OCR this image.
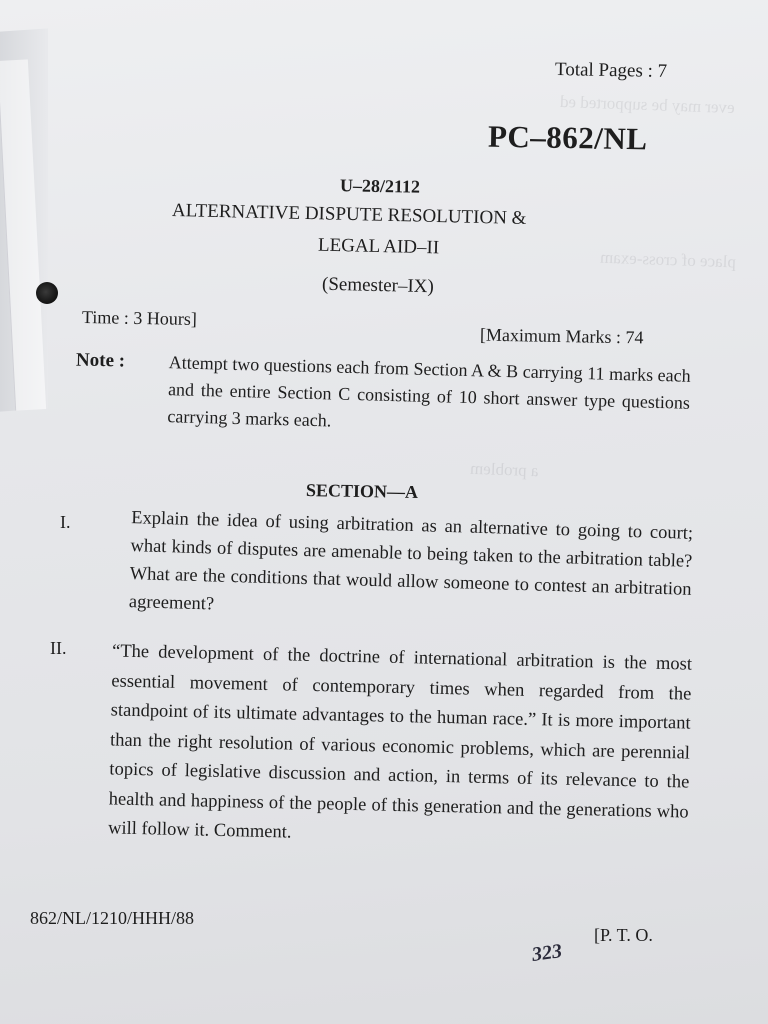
ever may be supported ed
place of cross-exam
a problem
Total Pages : 7
PC–862/NL
U–28/2112
ALTERNATIVE DISPUTE RESOLUTION &
LEGAL AID–II
(Semester–IX)
Time : 3 Hours]
[Maximum Marks : 74
Note : Attempt two questions each from Section A & B carrying 11 marks each and the entire Section C consisting of 10 short answer type questions carrying 3 marks each.
SECTION—A
I.	Explain the idea of using arbitration as an alternative to going to court; what kinds of disputes are amenable to being taken to the arbitration table? What are the conditions that would allow someone to contest an arbitration agreement?
II. “The development of the doctrine of international arbitration is the most essential movement of contemporary times when regarded from the standpoint of its ultimate advantages to the human race.” It is more important than the right resolution of various economic problems, which are perennial topics of legislative discussion and action, in terms of its relevance to the health and happiness of the people of this generation and the generations who will follow it. Comment.
862/NL/1210/HHH/88
323
[P. T. O.
